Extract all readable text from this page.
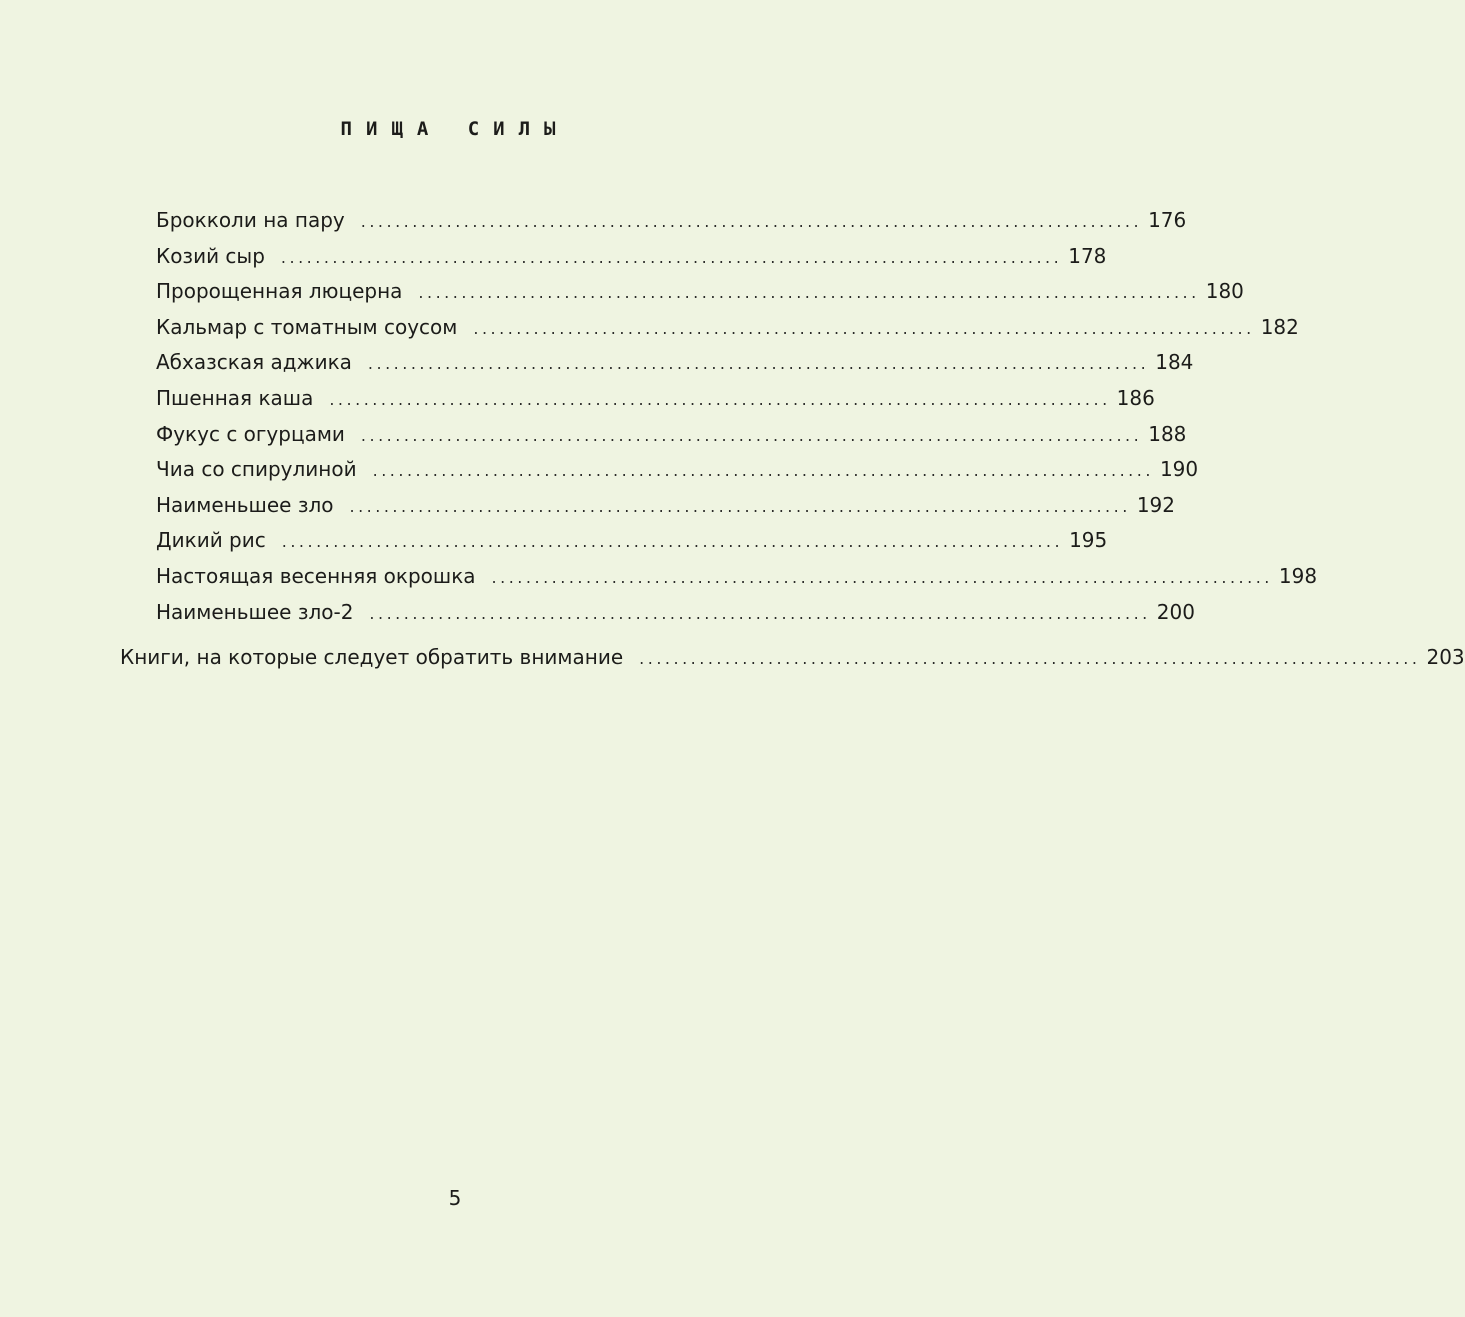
ПИЩА СИЛЫ
Брокколи на пару	........................................................................................... 176
Козий сыр	........................................................................................... 178
Пророщенная люцерна	........................................................................................... 180
Кальмар с томатным соусом	........................................................................................... 182
Абхазская аджика	........................................................................................... 184
Пшенная каша	........................................................................................... 186
Фукус с огурцами	........................................................................................... 188
Чиа со спирулиной	........................................................................................... 190
Наименьшее зло	........................................................................................... 192
Дикий рис	........................................................................................... 195
Настоящая весенняя окрошка	........................................................................................... 198
Наименьшее зло-2	........................................................................................... 200
Книги, на которые следует обратить внимание	........................................................................................... 203
5
